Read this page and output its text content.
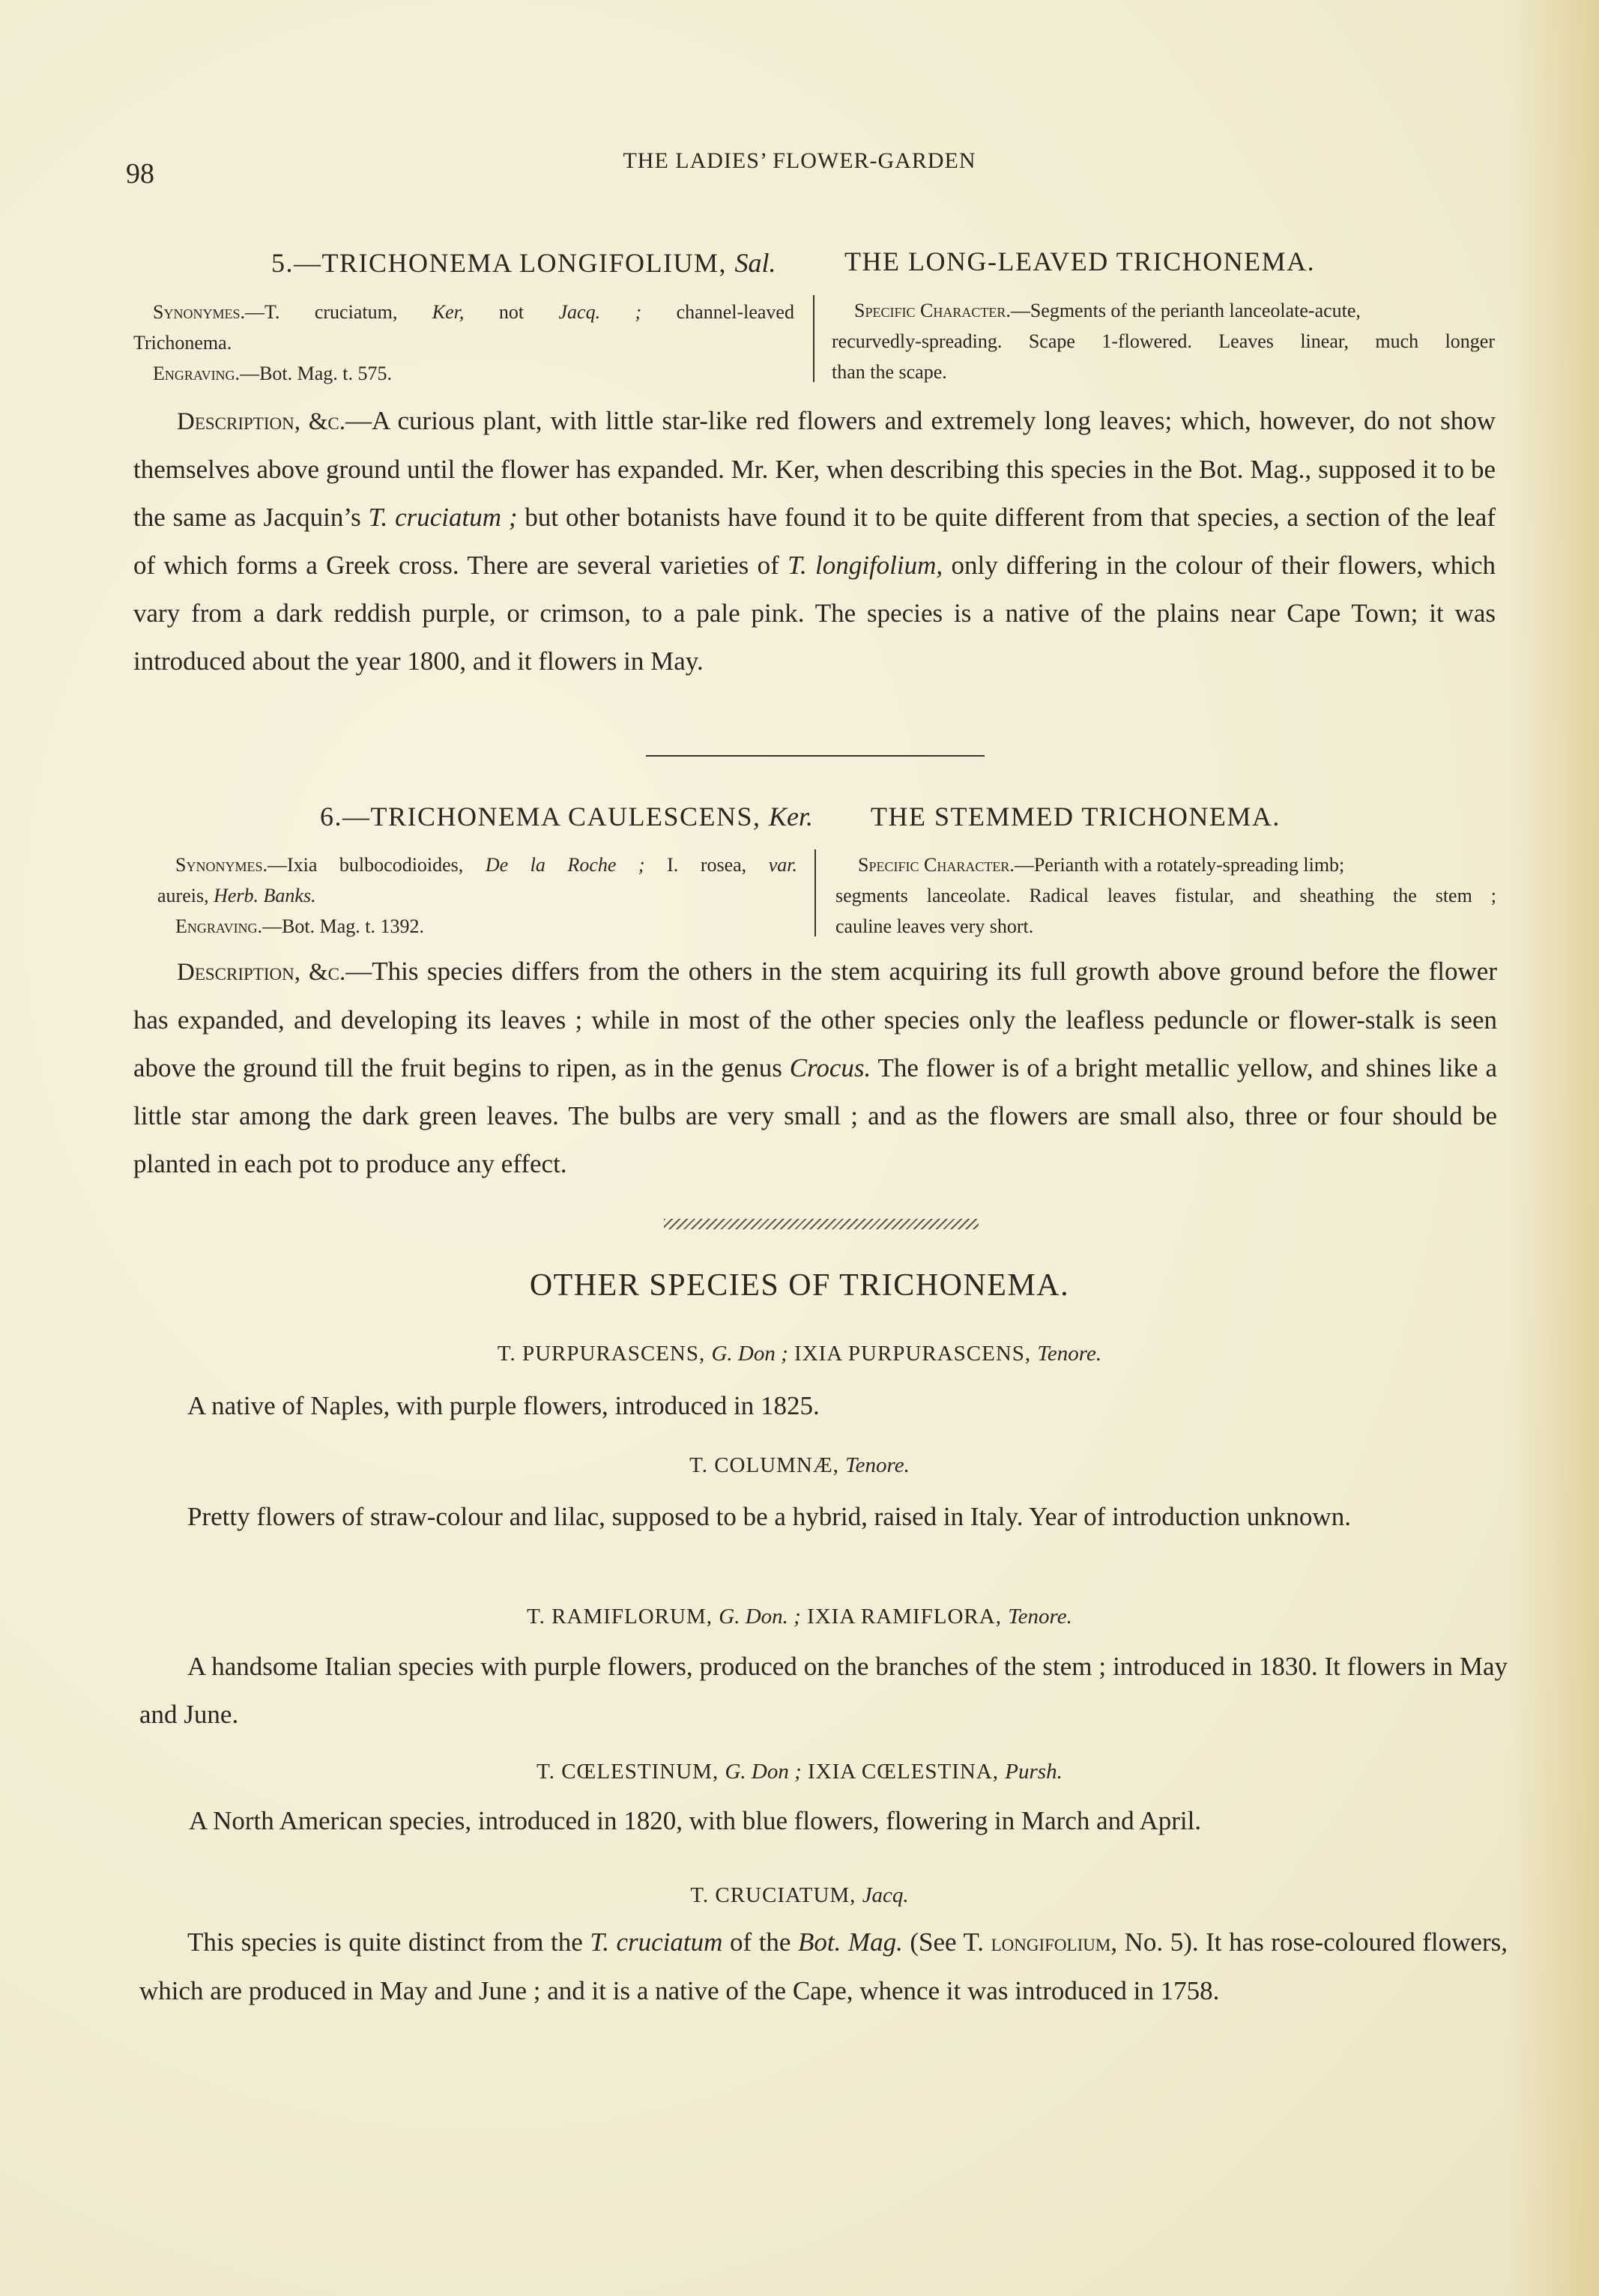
98	THE LADIES’ FLOWER-GARDEN
5.—TRICHONEMA LONGIFOLIUM, Sal.	THE LONG-LEAVED TRICHONEMA.
Synonymes.—T. cruciatum, Ker, not Jacq. ; channel-leaved
Trichonema.
Engraving.—Bot. Mag. t. 575.
Specific Character.—Segments of the perianth lanceolate-acute,
recurvedly-spreading. Scape 1-flowered. Leaves linear, much longer
than the scape.
Description, &c.—A curious plant, with little star-like red flowers and extremely long leaves; which, however, do not show themselves above ground until the flower has expanded. Mr. Ker, when describing this species in the Bot. Mag., supposed it to be the same as Jacquin’s T. cruciatum ; but other botanists have found it to be quite different from that species, a section of the leaf of which forms a Greek cross. There are several varieties of T. longifolium, only differing in the colour of their flowers, which vary from a dark reddish purple, or crimson, to a pale pink. The species is a native of the plains near Cape Town; it was introduced about the year 1800, and it flowers in May.
6.—TRICHONEMA CAULESCENS, Ker. THE STEMMED TRICHONEMA.
Synonymes.—Ixia bulbocodioides, De la Roche ; I. rosea, var.
aureis, Herb. Banks.
Engraving.—Bot. Mag. t. 1392.
Specific Character.—Perianth with a rotately-spreading limb;
segments lanceolate. Radical leaves fistular, and sheathing the stem ;
cauline leaves very short.
Description, &c.—This species differs from the others in the stem acquiring its full growth above ground before the flower has expanded, and developing its leaves ; while in most of the other species only the leafless peduncle or flower-stalk is seen above the ground till the fruit begins to ripen, as in the genus Crocus. The flower is of a bright metallic yellow, and shines like a little star among the dark green leaves. The bulbs are very small ; and as the flowers are small also, three or four should be planted in each pot to produce any effect.
OTHER SPECIES OF TRICHONEMA.
T. PURPURASCENS, G. Don ; IXIA PURPURASCENS, Tenore.
A native of Naples, with purple flowers, introduced in 1825.
T. COLUMNÆ, Tenore.
Pretty flowers of straw-colour and lilac, supposed to be a hybrid, raised in Italy. Year of introduction unknown.
T. RAMIFLORUM, G. Don. ; IXIA RAMIFLORA, Tenore.
A handsome Italian species with purple flowers, produced on the branches of the stem ; introduced in 1830. It flowers in May and June.
T. CŒLESTINUM, G. Don ; IXIA CŒLESTINA, Pursh.
A North American species, introduced in 1820, with blue flowers, flowering in March and April.
T. CRUCIATUM, Jacq.
This species is quite distinct from the T. cruciatum of the Bot. Mag. (See T. longifolium, No. 5). It has rose-coloured flowers, which are produced in May and June ; and it is a native of the Cape, whence it was introduced in 1758.
